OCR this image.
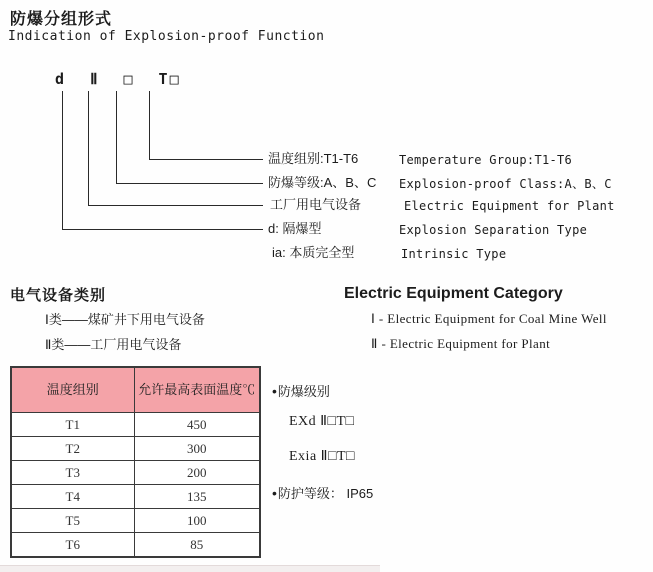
防爆分组形式
Indication of Explosion-proof Function
d Ⅱ □ T□
温度组别:T1-T6
防爆等级:A、B、C
工厂用电气设备
d: 隔爆型
ia: 本质完全型
Temperature Group:T1-T6
Explosion-proof Class:A、B、C
Electric Equipment for Plant
Explosion Separation Type
Intrinsic Type
电气设备类别
Ⅰ类——煤矿井下用电气设备
Ⅱ类——工厂用电气设备
Electric Equipment Category
Ⅰ - Electric Equipment for Coal Mine Well
Ⅱ - Electric Equipment for Plant
温度组别	允许最高表面温度℃
T1	450
T2	300
T3	200
T4	135
T5	100
T6	85
•防爆级别
EXd Ⅱ□T□
Exia Ⅱ□T□
•防护等级： IP65
